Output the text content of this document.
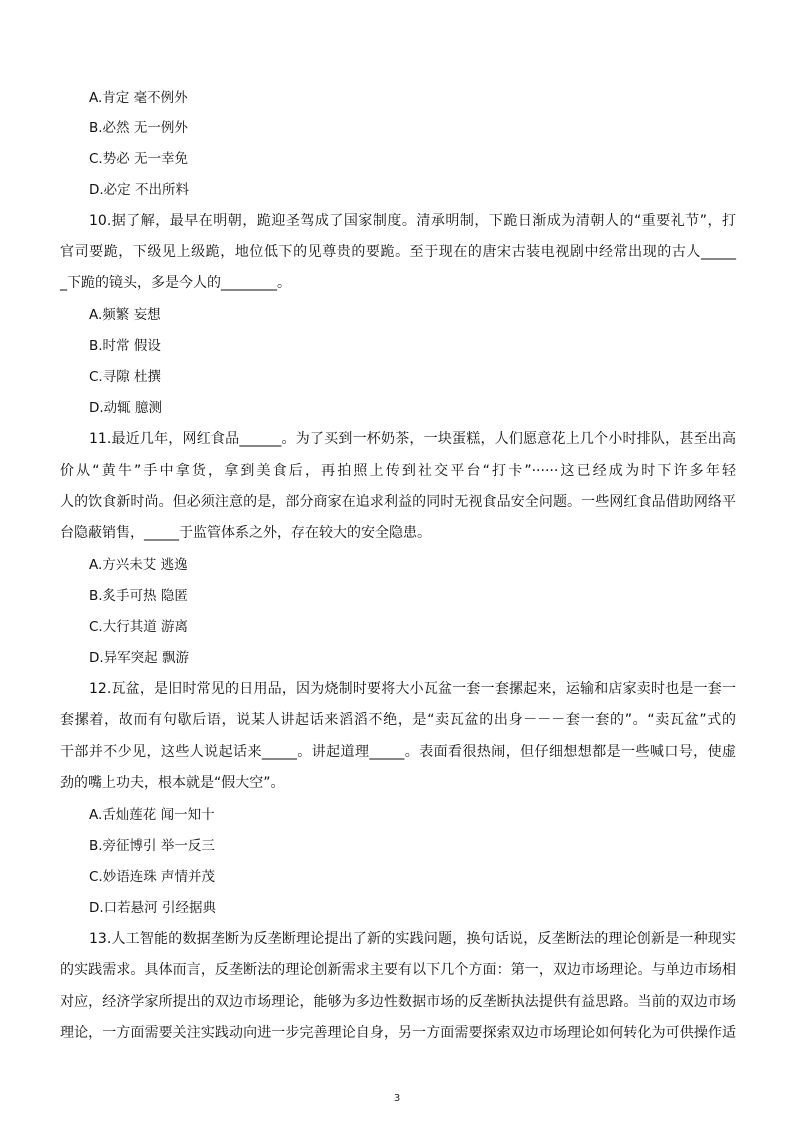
A.肯定 毫不例外
B.必然 无一例外
C.势必 无一幸免
D.必定 不出所料
10.据了解，最早在明朝，跪迎圣驾成了国家制度。清承明制，下跪日渐成为清朝人的“重要礼节”，打
官司要跪，下级见上级跪，地位低下的见尊贵的要跪。至于现在的唐宋古装电视剧中经常出现的古人_____
_下跪的镜头，多是今人的________。
A.频繁 妄想
B.时常 假设
C.寻隙 杜撰
D.动辄 臆测
11.最近几年，网红食品______。为了买到一杯奶茶，一块蛋糕，人们愿意花上几个小时排队，甚至出高
价从“黄牛”手中拿货，拿到美食后，再拍照上传到社交平台“打卡”······这已经成为时下许多年轻
人的饮食新时尚。但必须注意的是，部分商家在追求利益的同时无视食品安全问题。一些网红食品借助网络平
台隐蔽销售，_____于监管体系之外，存在较大的安全隐患。
A.方兴未艾 逃逸
B.炙手可热 隐匿
C.大行其道 游离
D.异军突起 飘游
12.瓦盆，是旧时常见的日用品，因为烧制时要将大小瓦盆一套一套摞起来，运输和店家卖时也是一套一
套摞着，故而有句歇后语，说某人讲起话来滔滔不绝，是“卖瓦盆的出身－－－套一套的”。“卖瓦盆”式的
干部并不少见，这些人说起话来_____。讲起道理_____。表面看很热闹，但仔细想想都是一些喊口号，使虚
劲的嘴上功夫，根本就是“假大空”。
A.舌灿莲花 闻一知十
B.旁征博引 举一反三
C.妙语连珠 声情并茂
D.口若悬河 引经据典
13.人工智能的数据垄断为反垄断理论提出了新的实践问题，换句话说，反垄断法的理论创新是一种现实
的实践需求。具体而言，反垄断法的理论创新需求主要有以下几个方面：第一，双边市场理论。与单边市场相
对应，经济学家所提出的双边市场理论，能够为多边性数据市场的反垄断执法提供有益思路。当前的双边市场
理论，一方面需要关注实践动向进一步完善理论自身，另一方面需要探索双边市场理论如何转化为可供操作适
3
